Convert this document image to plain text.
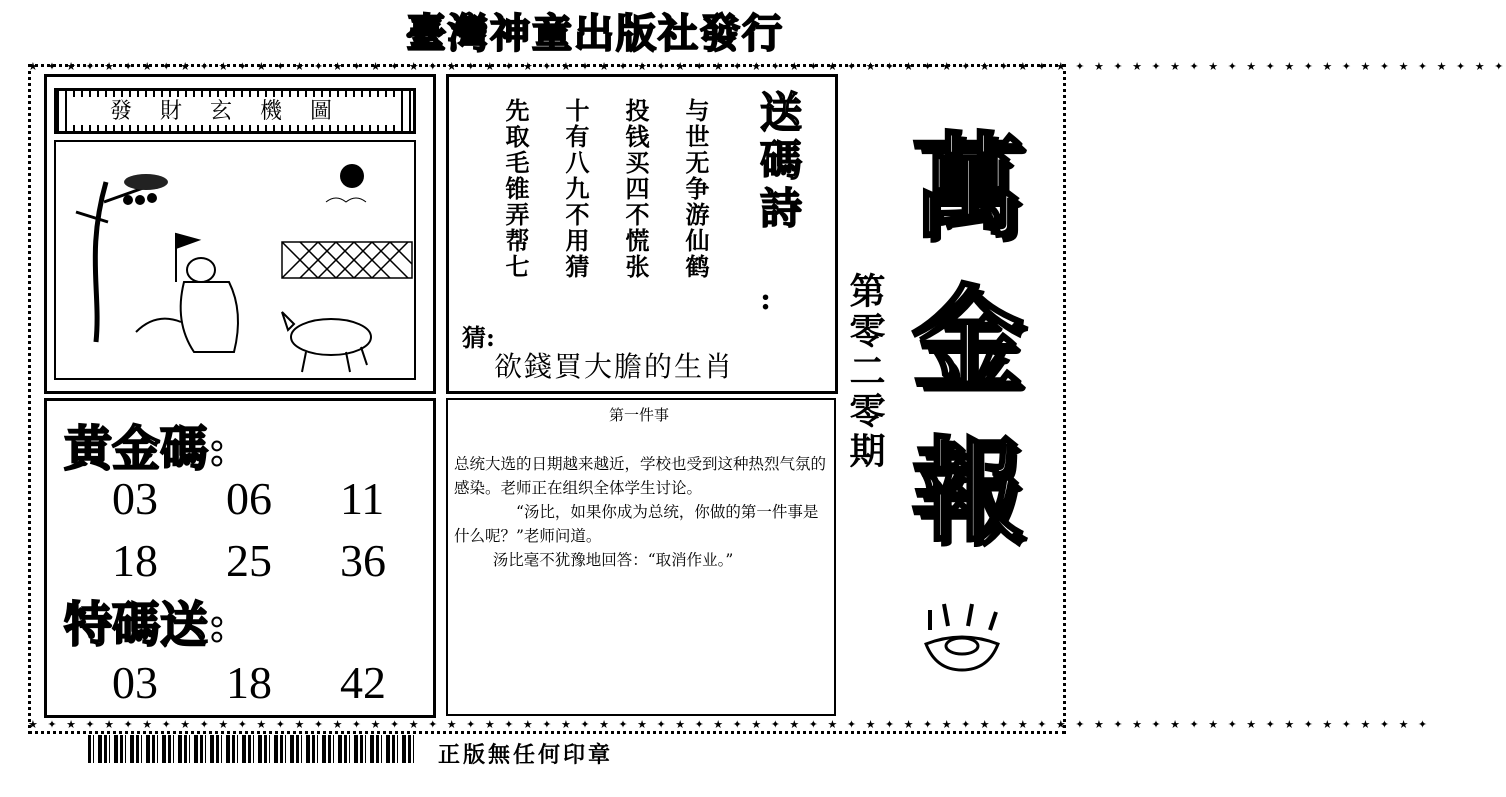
臺灣神童出版社發行
★ ✦ ★ ✦ ★ ✦ ★ ✦ ★ ✦ ★ ✦ ★ ✦ ★ ✦ ★ ✦ ★ ✦ ★ ✦ ★ ✦ ★ ✦ ★ ✦ ★ ✦ ★ ✦ ★ ✦ ★ ✦ ★ ✦ ★ ✦ ★ ✦ ★ ✦ ★ ✦ ★ ✦ ★ ✦ ★ ✦ ★ ✦ ★ ✦ ★ ✦ ★ ✦ ★ ✦ ★ ✦ ★ ✦ ★ ✦ ★ ✦ ★ ✦ ★ ✦ ★ ✦ ★ ✦
★ ✦ ★ ✦ ★ ✦ ★ ✦ ★ ✦ ★ ✦ ★ ✦ ★ ✦ ★ ✦ ★ ✦ ★ ✦ ★ ✦ ★ ✦ ★ ✦ ★ ✦ ★ ✦ ★ ✦ ★ ✦ ★ ✦ ★ ✦ ★ ✦ ★ ✦ ★ ✦ ★ ✦ ★ ✦ ★ ✦ ★ ✦ ★ ✦ ★ ✦ ★ ✦ ★ ✦ ★ ✦ ★ ✦ ★ ✦ ★ ✦ ★ ✦ ★ ✦
發財玄機圖	与世无争游仙鹤
投钱买四不慌张
十有八九不用猜
先取毛锥弄帮七	送碼詩
:
猜:
欲錢買大膽的生肖
黄金碼:
03 06 11
18 25 36
特碼送:
03 18 42
第一件事

总统大选的日期越来越近，学校也受到这种热烈气氛的感染。老师正在组织全体学生讨论。

“汤比，如果你成为总统，你做的第一件事是什么呢？”老师问道。

汤比毫不犹豫地回答：“取消作业。”

第零二零期
萬
金
報
正版無任何印章
